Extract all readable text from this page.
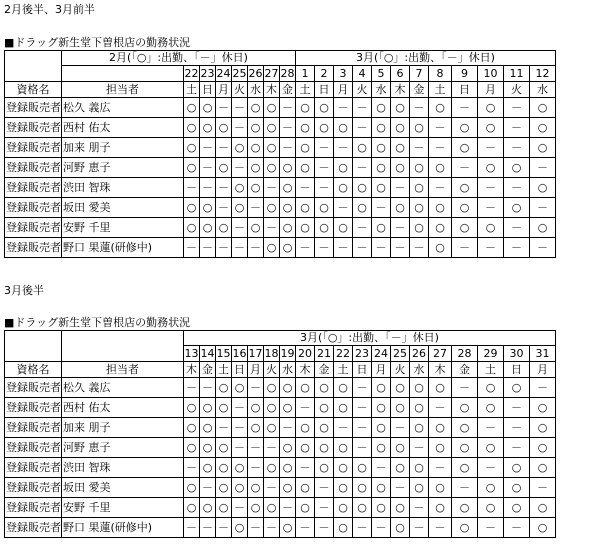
2月後半、3月前半
■ドラッグ新生堂下曽根店の勤務状況
	2月(「○」:出勤、「－」休日)								3月(「○」:出勤、「－」休日)											
		22	23	24	25	26	27	28	1	2	3	4	5	6	7	8	9	10	11	12
資格名	担当者	土	日	月	火	水	木	金	土	日	月	火	水	木	金	土	日	月	火	水
登録販売者	松久 義広	○	○	－	－	○	○	－	○	○	－	－	○	○	－	○	－	○	－	○
登録販売者	西村 佑太	○	○	○	－	○	○	－	○	○	○	－	○	○	○	－	○	○	－	○
登録販売者	加来 朋子	○	－	－	○	○	○	－	○	－	－	○	○	○	－	－	○	－	－	○
登録販売者	河野 恵子	○	－	○	－	○	○	○	○	－	○	－	○	○	○	○	－	○	○	－
登録販売者	渋田 智珠	－	－	－	○	○	－	○	－	－	○	○	○	－	○	－	○	－	－	○
登録販売者	坂田 愛美	○	○	－	○	－	○	○	○	○	－	○	－	○	○	○	○	－	○	－
登録販売者	安野 千里	○	○	○	－	○	－	○	○	○	○	－	○	－	○	○	○	○	－	○
登録販売者	野口 果蓮(研修中)	－	－	－	－	－	○	○	－	－	－	－	－	－	－	○	－	－	－	－
3月後半
■ドラッグ新生堂下曽根店の勤務状況
		3月(「○」:出勤、「－」休日)																		
		13	14	15	16	17	18	19	20	21	22	23	24	25	26	27	28	29	30	31
資格名	担当者	木	金	土	日	月	火	水	木	金	土	日	月	火	水	木	金	土	日	月
登録販売者	松久 義広	－	－	○	○	－	○	○	○	○	○	－	○	○	○	○	－	○	○	－
登録販売者	西村 佑太	○	○	○	－	○	○	○	－	○	○	－	○	○	○	－	○	○	－	○
登録販売者	加来 朋子	○	○	－	－	○	○	－	○	○	－	－	○	－	○	○	○	－	－	○
登録販売者	河野 恵子	○	○	○	－	－	－	○	○	○	○	－	○	○	－	○	○	○	－	○
登録販売者	渋田 智珠	－	○	○	○	－	○	○	－	○	○	○	－	○	○	－	○	－	○	○
登録販売者	坂田 愛美	○	－	○	○	○	－	○	○	－	○	○	○	－	○	○	－	○	○	－
登録販売者	安野 千里	○	○	○	－	○	○	－	○	－	○	○	○	○	－	○	○	○	○	○
登録販売者	野口 果蓮(研修中)	－	－	－	○	－	－	○	－	－	○	－	－	○	－	－	○	－	－	○
